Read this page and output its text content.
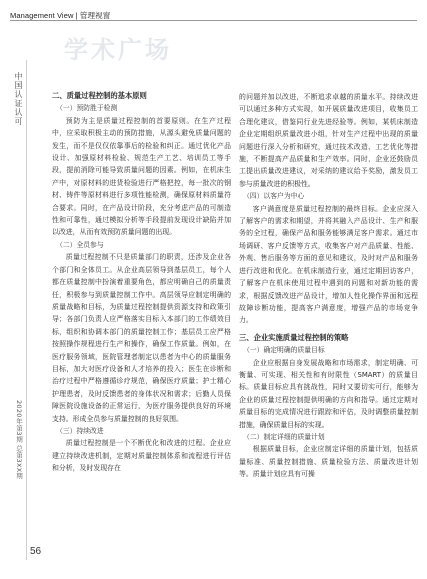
Management View | 管理视窗
学术广场
中国认证认可
2020年第3期 总第3XX期

二、质量过程控制的基本原则

（一）预防胜于检测

预防为主是质量过程控制的首要原则。在生产过程中，应采取积极主动的预防措施，从源头避免质量问题的发生，而不是仅仅依靠事后的检验和纠正。通过优化产品设计、加强原材料检验、规范生产工艺、培训员工等手段，提前消除可能导致质量问题的因素。例如，在机床生产中，对原材料的进货检验进行严格把控，每一批次的钢材、铸件等原材料进行多项性能检测，确保原材料质量符合要求。同时，在产品设计阶段，充分考虑产品的可制造性和可靠性，通过模拟分析等手段提前发现设计缺陷并加以改进，从而有效预防质量问题的出现。

（二）全员参与

质量过程控制不只是质量部门的职责，还涉及企业各个部门和全体员工。从企业高层领导到基层员工，每个人都在质量控制中扮演着重要角色，都应明确自己的质量责任，积极参与到质量控制工作中。高层领导应制定明确的质量战略和目标，为质量过程控制提供资源支持和政策引导；各部门负责人应严格落实目标入本部门的工作绩效目标，组织和协调本部门的质量控制工作；基层员工应严格按照操作规程进行生产和操作，确保工作质量。例如，在医疗服务领域，医院管理者制定以患者为中心的质量服务目标，加大对医疗设备和人才培养的投入；医生在诊断和治疗过程中严格遵循诊疗规范，确保医疗质量；护士精心护理患者，及时反馈患者的身体状况和需求；后勤人员保障医院设施设备的正常运行，为医疗服务提供良好的环境支持。形成全员参与质量控制的良好氛围。

（三）持续改进

质量过程控制是一个不断优化和改进的过程。企业应建立持续改进机制，定期对质量控制体系和流程进行评估和分析，及时发现存在

的问题并加以改进，不断追求卓越的质量水平。持续改进可以通过多种方式实现，如开展质量改进项目，收集员工合理化建议，借鉴同行业先进经验等。例如，某机床制造企业定期组织质量改进小组，针对生产过程中出现的质量问题进行深入分析和研究，通过技术改造、工艺优化等措施，不断提高产品质量和生产效率。同时，企业还鼓励员工提出质量改进建议，对采纳的建议给予奖励，激发员工参与质量改进的积极性。

（四）以客户为中心

客户满意度是质量过程控制的最终目标。企业应深入了解客户的需求和期望，并将其融入产品设计、生产和服务的全过程，确保产品和服务能够满足客户需求。通过市场调研、客户反馈等方式，收集客户对产品质量、性能、外观、售后服务等方面的意见和建议，及时对产品和服务进行改进和优化。在机床制造行业，通过定期回访客户，了解客户在机床使用过程中遇到的问题和对新功能的需求，根据反馈改进产品设计，增加人性化操作界面和远程故障诊断功能，提高客户满意度，增强产品的市场竞争力。

三、企业实施质量过程控制的策略

（一）确定明确的质量目标

企业应根据自身发展战略和市场需求，制定明确、可衡量、可实现、相关性和有时限性（SMART）的质量目标。质量目标应具有挑战性，同时又要切实可行，能够为企业的质量过程控制提供明确的方向和指导。通过定期对质量目标的完成情况进行跟踪和评估，及时调整质量控制措施，确保质量目标的实现。

（二）制定详细的质量计划

根据质量目标，企业应制定详细的质量计划，包括质量标准、质量控制措施、质量检验方法、质量改进计划等。质量计划应具有可操

56
